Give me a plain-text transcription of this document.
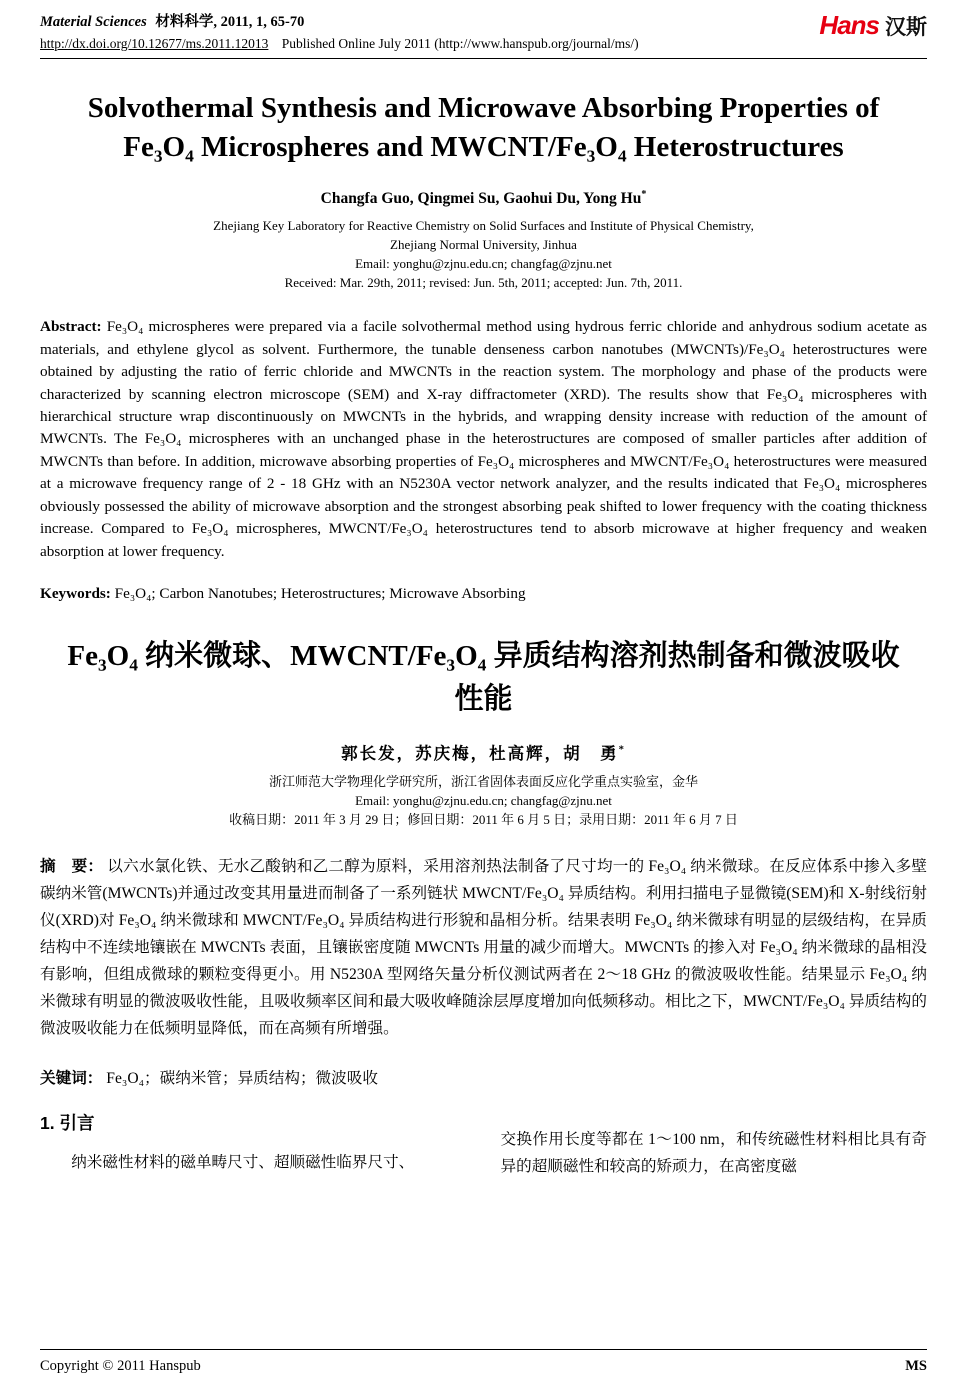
Material Sciences 材料科学, 2011, 1, 65-70
http://dx.doi.org/10.12677/ms.2011.12013 Published Online July 2011 (http://www.hanspub.org/journal/ms/)
Hans 汉斯
Solvothermal Synthesis and Microwave Absorbing Properties of Fe₃O₄ Microspheres and MWCNT/Fe₃O₄ Heterostructures
Changfa Guo, Qingmei Su, Gaohui Du, Yong Hu*
Zhejiang Key Laboratory for Reactive Chemistry on Solid Surfaces and Institute of Physical Chemistry,
Zhejiang Normal University, Jinhua
Email: yonghu@zjnu.edu.cn; changfag@zjnu.net
Received: Mar. 29th, 2011; revised: Jun. 5th, 2011; accepted: Jun. 7th, 2011.

Abstract: Fe₃O₄ microspheres were prepared via a facile solvothermal method using hydrous ferric chloride and anhydrous sodium acetate as materials, and ethylene glycol as solvent. Furthermore, the tunable denseness carbon nanotubes (MWCNTs)/Fe₃O₄ heterostructures were obtained by adjusting the ratio of ferric chloride and MWCNTs in the reaction system. The morphology and phase of the products were characterized by scanning electron microscope (SEM) and X-ray diffractometer (XRD). The results show that Fe₃O₄ microspheres with hierarchical structure wrap discontinuously on MWCNTs in the hybrids, and wrapping density increase with reduction of the amount of MWCNTs. The Fe₃O₄ microspheres with an unchanged phase in the heterostructures are composed of smaller particles after addition of MWCNTs than before. In addition, microwave absorbing properties of Fe₃O₄ microspheres and MWCNT/Fe₃O₄ heterostructures were measured at a microwave frequency range of 2 - 18 GHz with an N5230A vector network analyzer, and the results indicated that Fe₃O₄ microspheres obviously possessed the ability of microwave absorption and the strongest absorbing peak shifted to lower frequency with the coating thickness increase. Compared to Fe₃O₄ microspheres, MWCNT/Fe₃O₄ heterostructures tend to absorb microwave at higher frequency and weaken absorption at lower frequency.

Keywords: Fe₃O₄; Carbon Nanotubes; Heterostructures; Microwave Absorbing

Fe₃O₄ 纳米微球、MWCNT/Fe₃O₄ 异质结构溶剂热制备和微波吸收性能
郭长发，苏庆梅，杜高辉，胡　勇*
浙江师范大学物理化学研究所，浙江省固体表面反应化学重点实验室，金华
Email: yonghu@zjnu.edu.cn; changfag@zjnu.net
收稿日期：2011 年 3 月 29 日；修回日期：2011 年 6 月 5 日；录用日期：2011 年 6 月 7 日

摘　要： 以六水氯化铁、无水乙酸钠和乙二醇为原料，采用溶剂热法制备了尺寸均一的 Fe₃O₄ 纳米微球。在反应体系中掺入多壁碳纳米管(MWCNTs)并通过改变其用量进而制备了一系列链状 MWCNT/Fe₃O₄ 异质结构。利用扫描电子显微镜(SEM)和 X-射线衍射仪(XRD)对 Fe₃O₄ 纳米微球和 MWCNT/Fe₃O₄ 异质结构进行形貌和晶相分析。结果表明 Fe₃O₄ 纳米微球有明显的层级结构，在异质结构中不连续地镶嵌在 MWCNTs 表面，且镶嵌密度随 MWCNTs 用量的减少而增大。MWCNTs 的掺入对 Fe₃O₄ 纳米微球的晶相没有影响，但组成微球的颗粒变得更小。用 N5230A 型网络矢量分析仪测试两者在 2～18 GHz 的微波吸收性能。结果显示 Fe₃O₄ 纳米微球有明显的微波吸收性能，且吸收频率区间和最大吸收峰随涂层厚度增加向低频移动。相比之下，MWCNT/Fe₃O₄ 异质结构的微波吸收能力在低频明显降低，而在高频有所增强。

关键词： Fe₃O₄；碳纳米管；异质结构；微波吸收

1. 引言

纳米磁性材料的磁单畴尺寸、超顺磁性临界尺寸、

交换作用长度等都在 1～100 nm，和传统磁性材料相比具有奇异的超顺磁性和较高的矫顽力，在高密度磁

Copyright © 2011 Hanspub	MS
